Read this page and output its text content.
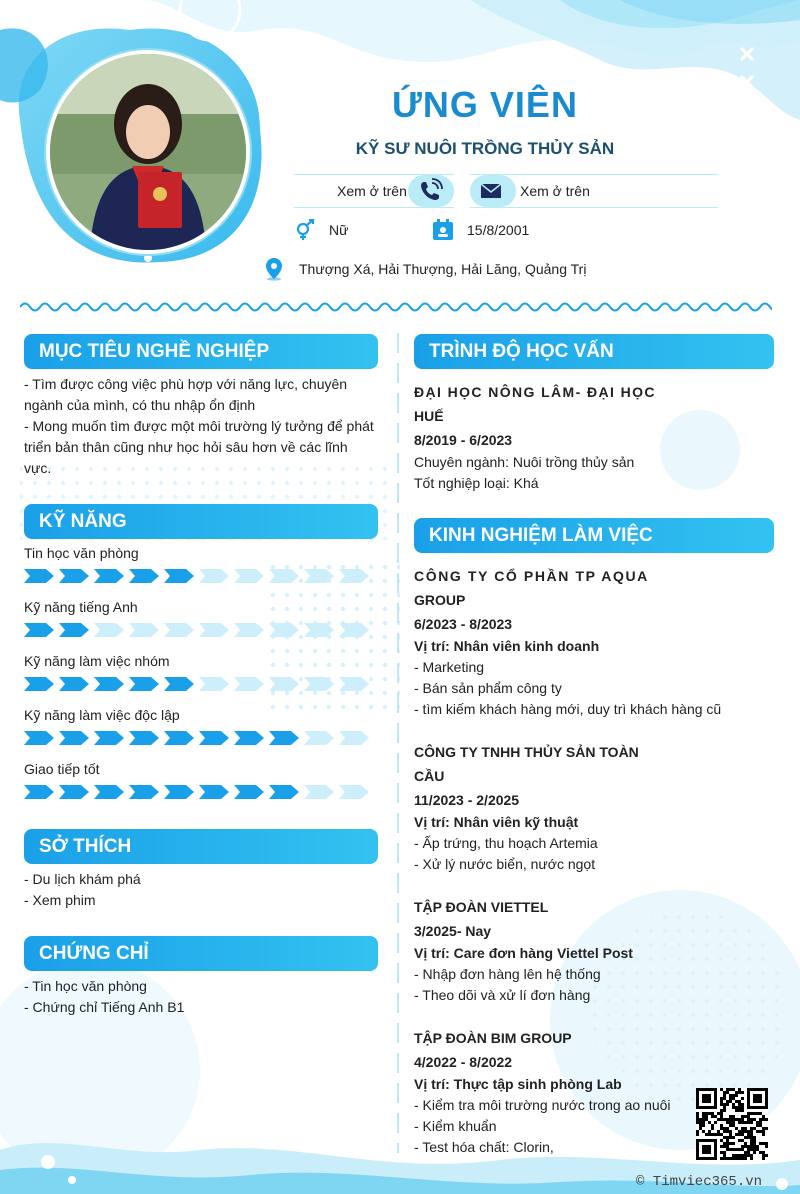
ỨNG VIÊN
KỸ SƯ NUÔI TRỒNG THỦY SẢN
Xem ở trên	Xem ở trên
Nữ	15/8/2001
Thượng Xá, Hải Thượng, Hải Lăng, Quảng Trị
MỤC TIÊU NGHỀ NGHIỆP
- Tìm được công việc phù hợp với năng lực, chuyên
ngành của mình, có thu nhập ổn định
- Mong muốn tìm được một môi trường lý tưởng để phát
triển bản thân cũng như học hỏi sâu hơn về các lĩnh vực.
KỸ NĂNG
Tin học văn phòng
Kỹ năng tiếng Anh
Kỹ năng làm việc nhóm
Kỹ năng làm việc độc lập
Giao tiếp tốt
SỞ THÍCH
- Du lịch khám phá
- Xem phim
CHỨNG CHỈ
- Tin học văn phòng
- Chứng chỉ Tiếng Anh B1
TRÌNH ĐỘ HỌC VẤN
ĐẠI HỌC NÔNG LÂM- ĐẠI HỌC
HUẾ
8/2019 - 6/2023
Chuyên ngành: Nuôi trồng thủy sản
Tốt nghiệp loại: Khá
KINH NGHIỆM LÀM VIỆC
CÔNG TY CỔ PHẦN TP AQUA
GROUP
6/2023 - 8/2023
Vị trí: Nhân viên kinh doanh
- Marketing
- Bán sản phẩm công ty
- tìm kiếm khách hàng mới, duy trì khách hàng cũ
CÔNG TY TNHH THỦY SẢN TOÀN
CẦU
11/2023 - 2/2025
Vị trí: Nhân viên kỹ thuật
- Ấp trứng, thu hoạch Artemia
- Xử lý nước biển, nước ngọt
TẬP ĐOÀN VIETTEL
3/2025- Nay
Vị trí: Care đơn hàng Viettel Post
- Nhập đơn hàng lên hệ thống
- Theo dõi và xử lí đơn hàng
TẬP ĐOÀN BIM GROUP
4/2022 - 8/2022
Vị trí: Thực tập sinh phòng Lab
- Kiểm tra môi trường nước trong ao nuôi
- Kiểm khuẩn
- Test hóa chất: Clorin,
© Timviec365.vn
